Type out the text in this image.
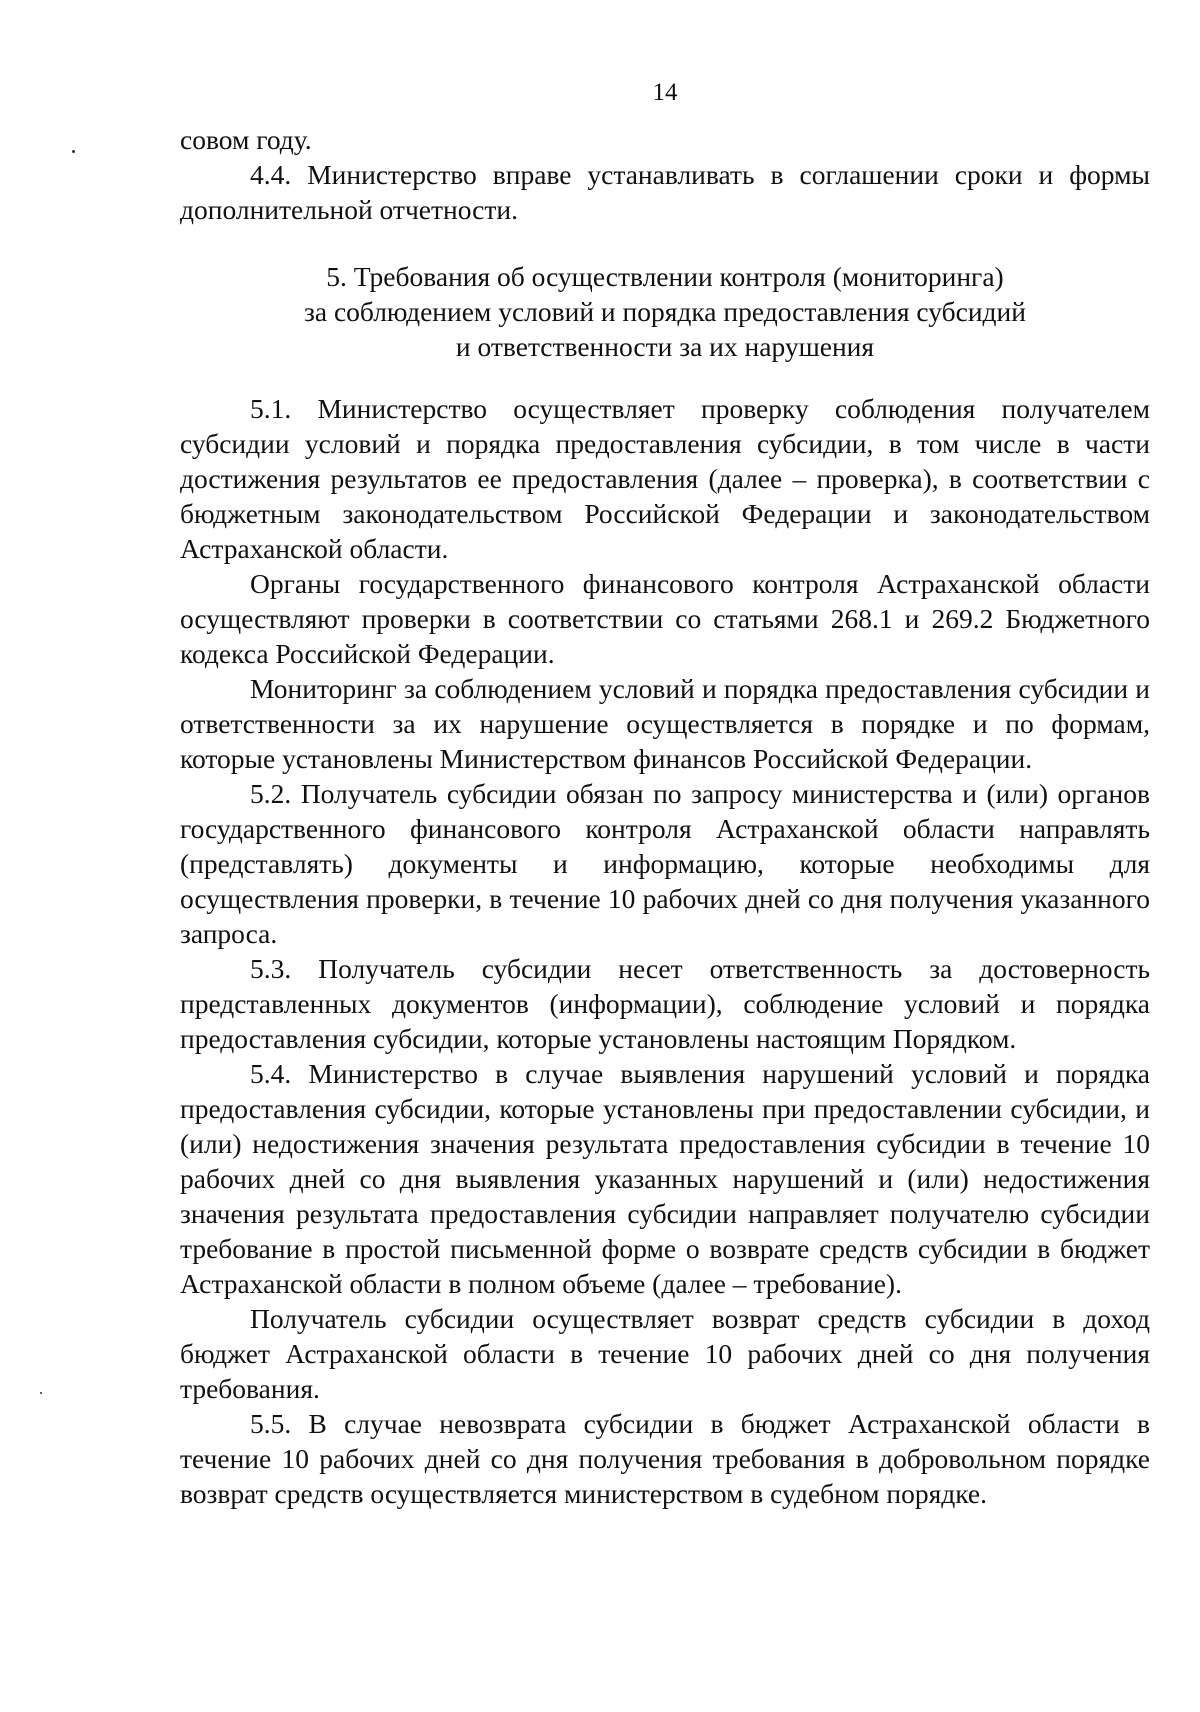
14

совом году.

4.4. Министерство вправе устанавливать в соглашении сроки и формы дополнительной отчетности.

5. Требования об осуществлении контроля (мониторинга)
за соблюдением условий и порядка предоставления субсидий
и ответственности за их нарушения

5.1. Министерство осуществляет проверку соблюдения получателем субсидии условий и порядка предоставления субсидии, в том числе в части достижения результатов ее предоставления (далее – проверка), в соответствии с бюджетным законодательством Российской Федерации и законодательством Астраханской области.

Органы государственного финансового контроля Астраханской области осуществляют проверки в соответствии со статьями 268.1 и 269.2 Бюджетного кодекса Российской Федерации.

Мониторинг за соблюдением условий и порядка предоставления субсидии и ответственности за их нарушение осуществляется в порядке и по формам, которые установлены Министерством финансов Российской Федерации.

5.2. Получатель субсидии обязан по запросу министерства и (или) органов государственного финансового контроля Астраханской области направлять (представлять) документы и информацию, которые необходимы для осуществления проверки, в течение 10 рабочих дней со дня получения указанного запроса.

5.3. Получатель субсидии несет ответственность за достоверность представленных документов (информации), соблюдение условий и порядка предоставления субсидии, которые установлены настоящим Порядком.

5.4. Министерство в случае выявления нарушений условий и порядка предоставления субсидии, которые установлены при предоставлении субсидии, и (или) недостижения значения результата предоставления субсидии в течение 10 рабочих дней со дня выявления указанных нарушений и (или) недостижения значения результата предоставления субсидии направляет получателю субсидии требование в простой письменной форме о возврате средств субсидии в бюджет Астраханской области в полном объеме (далее – требование).

Получатель субсидии осуществляет возврат средств субсидии в доход бюджет Астраханской области в течение 10 рабочих дней со дня получения требования.

5.5. В случае невозврата субсидии в бюджет Астраханской области в течение 10 рабочих дней со дня получения требования в добровольном порядке возврат средств осуществляется министерством в судебном порядке.
